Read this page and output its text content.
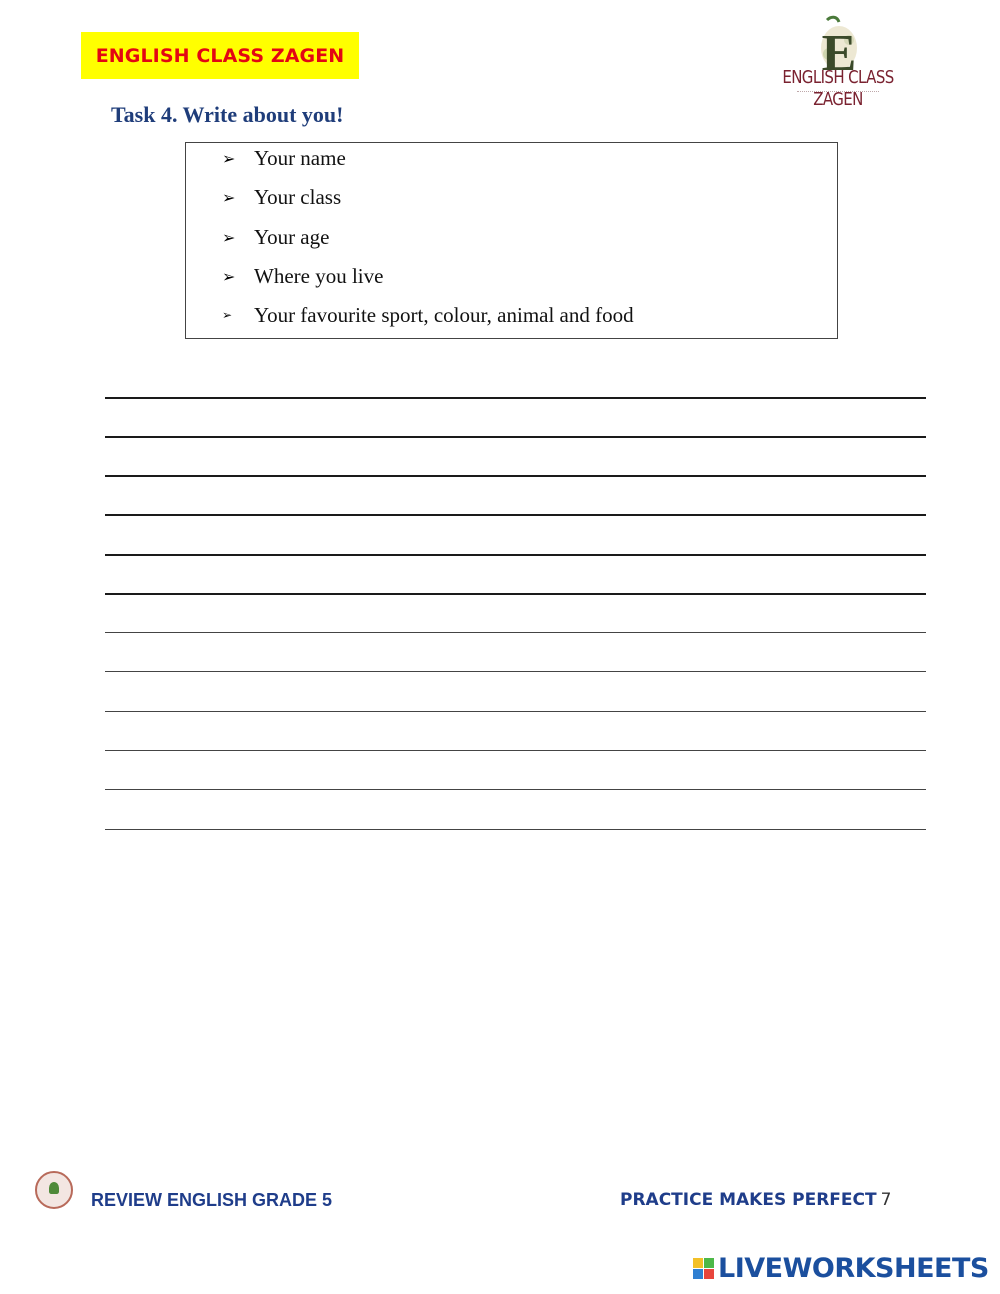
ENGLISH CLASS ZAGEN	E
ENGLISH CLASS ZAGEN
Task 4. Write about you!
➢ Your name
➢ Your class
➢ Your age
➢ Where you live
➢	Your favourite sport, colour, animal and food
REVIEW ENGLISH GRADE 5	PRACTICE MAKES PERFECT 7
LIVEWORKSHEETS
